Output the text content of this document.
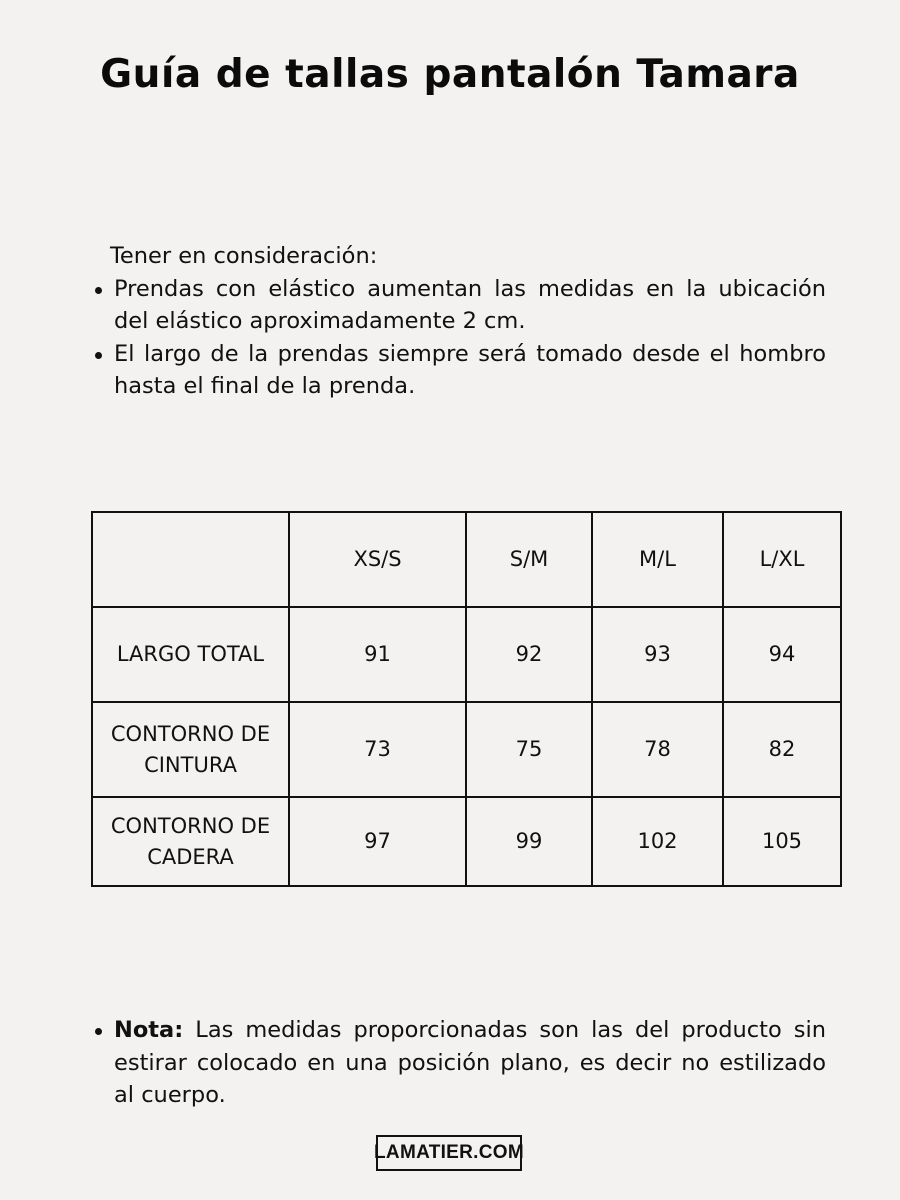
Guía de tallas pantalón Tamara
Tener en consideración:
Prendas con elástico aumentan las medidas en la ubicación del elástico aproximadamente 2 cm.
El largo de la prendas siempre será tomado desde el hombro hasta el final de la prenda.
	XS/S	S/M	M/L	L/XL
LARGO TOTAL	91	92	93	94
CONTORNO DE CINTURA	73	75	78	82
CONTORNO DE CADERA	97	99	102	105
Nota: Las medidas proporcionadas son las del producto sin estirar colocado en una posición plano, es decir no estilizado al cuerpo.
LAMATIER.COM
